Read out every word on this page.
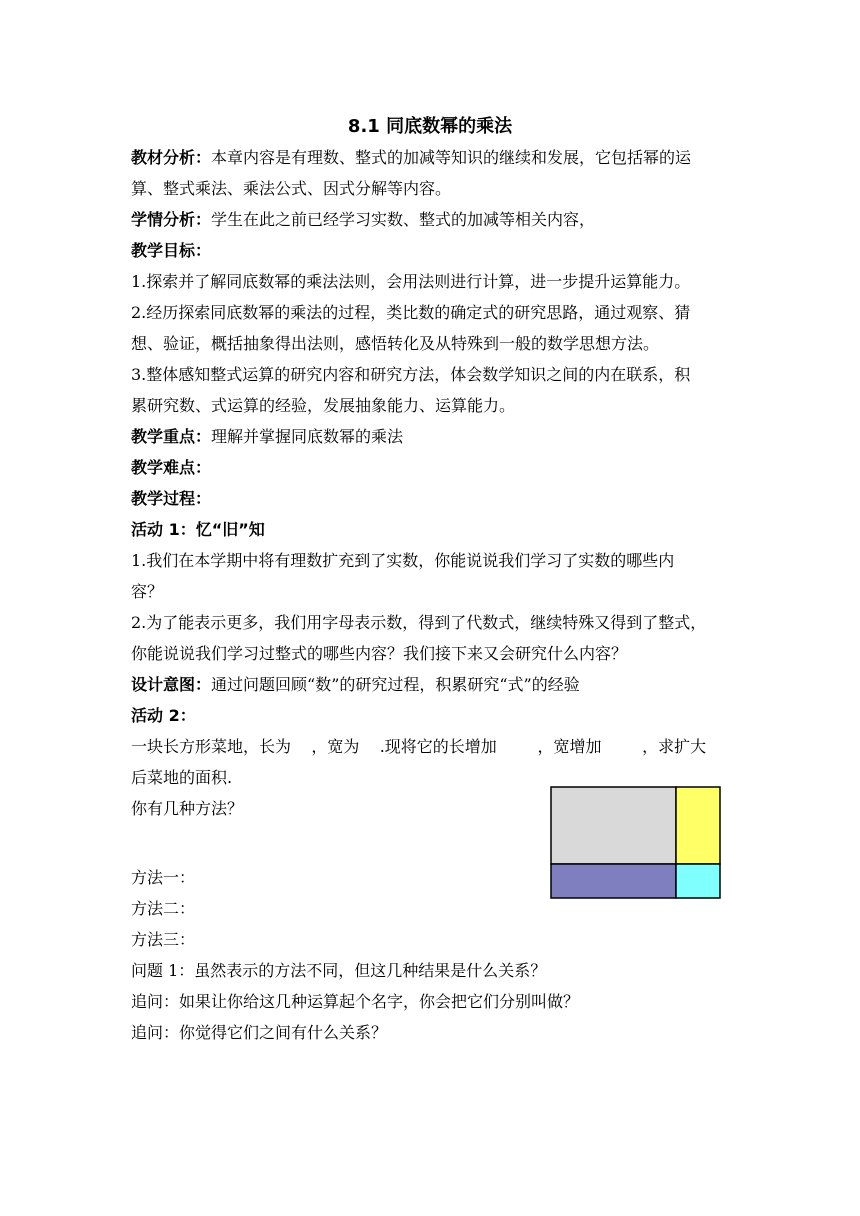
8.1 同底数幂的乘法
教材分析：本章内容是有理数、整式的加减等知识的继续和发展，它包括幂的运
算、整式乘法、乘法公式、因式分解等内容。
学情分析：学生在此之前已经学习实数、整式的加减等相关内容，
教学目标：
1.探索并了解同底数幂的乘法法则，会用法则进行计算，进一步提升运算能力。
2.经历探索同底数幂的乘法的过程，类比数的确定式的研究思路，通过观察、猜
想、验证，概括抽象得出法则，感悟转化及从特殊到一般的数学思想方法。
3.整体感知整式运算的研究内容和研究方法，体会数学知识之间的内在联系，积
累研究数、式运算的经验，发展抽象能力、运算能力。
教学重点：理解并掌握同底数幂的乘法
教学难点：
教学过程：
活动 1：忆“旧”知
1.我们在本学期中将有理数扩充到了实数，你能说说我们学习了实数的哪些内
容？
2.为了能表示更多，我们用字母表示数，得到了代数式，继续特殊又得到了整式，
你能说说我们学习过整式的哪些内容？我们接下来又会研究什么内容？
设计意图：通过问题回顾“数”的研究过程，积累研究“式”的经验
活动 2：
一块长方形菜地，长为    ，宽为    .现将它的长增加        ，宽增加        ，求扩大
后菜地的面积.
你有几种方法？
方法一：
方法二：
方法三：
问题 1：虽然表示的方法不同，但这几种结果是什么关系？
追问：如果让你给这几种运算起个名字，你会把它们分别叫做？
追问：你觉得它们之间有什么关系？
